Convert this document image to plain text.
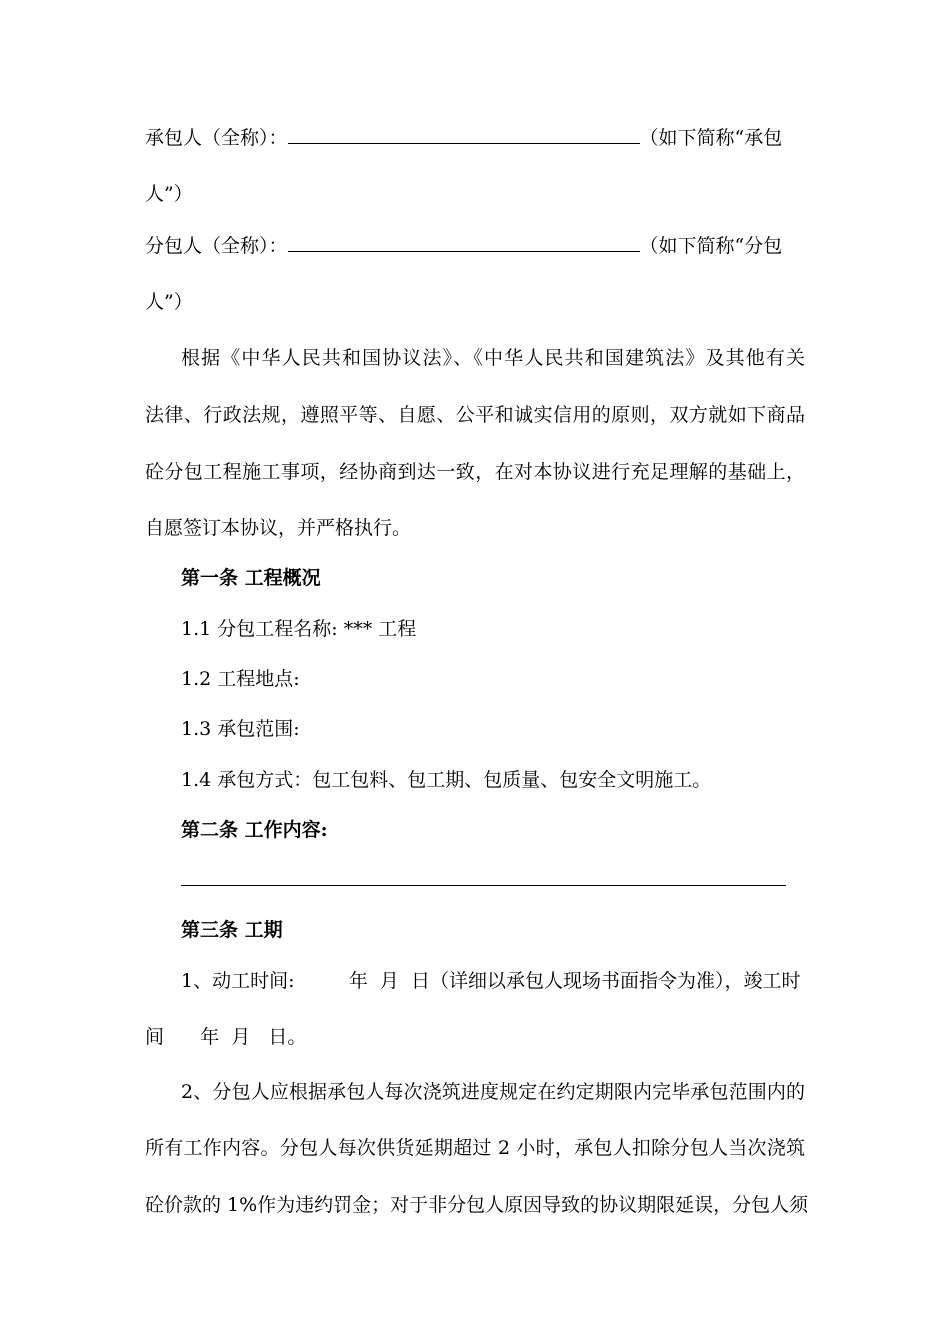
承包人（全称）：	（如下简称“承包
人”）
分包人（全称）：	（如下简称“分包
人”）
根据《中华人民共和国协议法》、《中华人民共和国建筑法》及其他有关
法律、行政法规，遵照平等、自愿、公平和诚实信用的原则，双方就如下商品
砼分包工程施工事项，经协商到达一致，在对本协议进行充足理解的基础上，
自愿签订本协议，并严格执行。
第一条 工程概况
1.1 分包工程名称: *** 工程
1.2 工程地点:
1.3 承包范围:
1.4 承包方式：包工包料、包工期、包质量、包安全文明施工。
第二条 工作内容:
第三条 工期
1、动工时间:         年  月  日（详细以承包人现场书面指令为准），竣工时
间      年  月   日。
2、分包人应根据承包人每次浇筑进度规定在约定期限内完毕承包范围内的
所有工作内容。分包人每次供货延期超过 2 小时，承包人扣除分包人当次浇筑
砼价款的 1%作为违约罚金；对于非分包人原因导致的协议期限延误，分包人须
